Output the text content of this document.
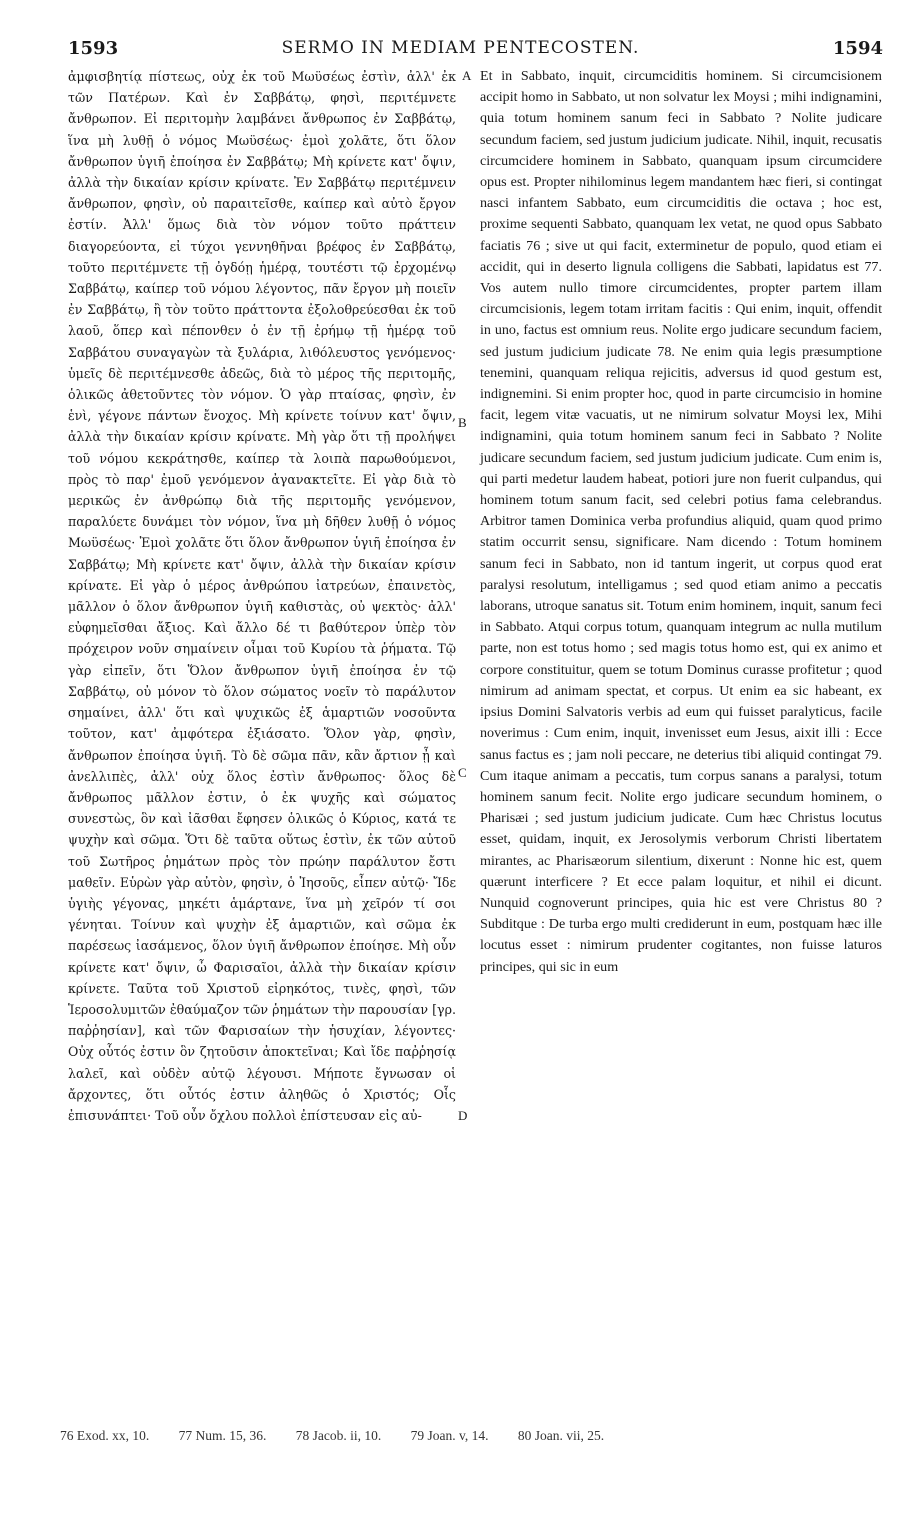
1593	SERMO IN MEDIAM PENTECOSTEN.	1594

ἀμφισβητίᾳ πίστεως, οὐχ ἐκ τοῦ Μωϋσέως ἐστὶν, ἀλλ' ἐκ τῶν Πατέρων. Καὶ ἐν Σαββάτῳ, φησὶ, περιτέμνετε ἄνθρωπον. Εἰ περιτομὴν λαμβάνει ἄνθρωπος ἐν Σαββάτῳ, ἵνα μὴ λυθῇ ὁ νόμος Μωϋσέως· ἐμοὶ χολᾶτε, ὅτι ὅλον ἄνθρωπον ὑγιῆ ἐποίησα ἐν Σαββάτῳ; Μὴ κρίνετε κατ' ὄψιν, ἀλλὰ τὴν δικαίαν κρίσιν κρίνατε. Ἐν Σαββάτῳ περιτέμνειν ἄνθρωπον, φησὶν, οὐ παραιτεῖσθε, καίπερ καὶ αὐτὸ ἔργον ἐστίν. Ἀλλ' ὅμως διὰ τὸν νόμον τοῦτο πράττειν διαγορεύοντα, εἰ τύχοι γεννηθῆναι βρέφος ἐν Σαββάτῳ, τοῦτο περιτέμνετε τῇ ὀγδόῃ ἡμέρᾳ, τουτέστι τῷ ἐρχομένῳ Σαββάτῳ, καίπερ τοῦ νόμου λέγοντος, πᾶν ἔργον μὴ ποιεῖν ἐν Σαββάτῳ, ἢ τὸν τοῦτο πράττοντα ἐξολοθρεύεσθαι ἐκ τοῦ λαοῦ, ὅπερ καὶ πέπονθεν ὁ ἐν τῇ ἐρήμῳ τῇ ἡμέρᾳ τοῦ Σαββάτου συναγαγὼν τὰ ξυλάρια, λιθόλευστος γενόμενος· ὑμεῖς δὲ περιτέμνεσθε ἀδεῶς, διὰ τὸ μέρος τῆς περιτομῆς, ὁλικῶς ἀθετοῦντες τὸν νόμον. Ὁ γὰρ πταίσας, φησὶν, ἐν ἑνὶ, γέγονε πάντων ἔνοχος. Μὴ κρίνετε τοίνυν κατ' ὄψιν, ἀλλὰ τὴν δικαίαν κρίσιν κρίνατε. Μὴ γὰρ ὅτι τῇ προλήψει τοῦ νόμου κεκράτησθε, καίπερ τὰ λοιπὰ παρωθούμενοι, πρὸς τὸ παρ' ἐμοῦ γενόμενον ἀγανακτεῖτε. Εἰ γὰρ διὰ τὸ μερικῶς ἐν ἀνθρώπῳ διὰ τῆς περιτομῆς γενόμενον, παραλύετε δυνάμει τὸν νόμον, ἵνα μὴ δῆθεν λυθῇ ὁ νόμος Μωϋσέως· Ἐμοὶ χολᾶτε ὅτι ὅλον ἄνθρωπον ὑγιῆ ἐποίησα ἐν Σαββάτῳ; Μὴ κρίνετε κατ' ὄψιν, ἀλλὰ τὴν δικαίαν κρίσιν κρίνατε. Εἰ γὰρ ὁ μέρος ἀνθρώπου ἰατρεύων, ἐπαινετὸς, μᾶλλον ὁ ὅλον ἄνθρωπον ὑγιῆ καθιστὰς, οὐ ψεκτὸς· ἀλλ' εὐφημεῖσθαι ἄξιος. Καὶ ἄλλο δέ τι βαθύτερον ὑπὲρ τὸν πρόχειρον νοῦν σημαίνειν οἶμαι τοῦ Κυρίου τὰ ῥήματα. Τῷ γὰρ εἰπεῖν, ὅτι Ὅλον ἄνθρωπον ὑγιῆ ἐποίησα ἐν τῷ Σαββάτῳ, οὐ μόνον τὸ ὅλον σώματος νοεῖν τὸ παράλυτον σημαίνει, ἀλλ' ὅτι καὶ ψυχικῶς ἐξ ἁμαρτιῶν νοσοῦντα τοῦτον, κατ' ἀμφότερα ἐξιάσατο. Ὅλον γὰρ, φησὶν, ἄνθρωπον ἐποίησα ὑγιῆ. Τὸ δὲ σῶμα πᾶν, κἂν ἄρτιον ᾖ καὶ ἀνελλιπὲς, ἀλλ' οὐχ ὅλος ἐστὶν ἄνθρωπος· ὅλος δὲ ἄνθρωπος μᾶλλον ἐστιν, ὁ ἐκ ψυχῆς καὶ σώματος συνεστὼς, ὃν καὶ ἰᾶσθαι ἔφησεν ὁλικῶς ὁ Κύριος, κατά τε ψυχὴν καὶ σῶμα. Ὅτι δὲ ταῦτα οὕτως ἐστὶν, ἐκ τῶν αὐτοῦ τοῦ Σωτῆρος ῥημάτων πρὸς τὸν πρώην παράλυτον ἔστι μαθεῖν. Εὑρὼν γὰρ αὐτὸν, φησὶν, ὁ Ἰησοῦς, εἶπεν αὐτῷ· Ἴδε ὑγιὴς γέγονας, μηκέτι ἁμάρτανε, ἵνα μὴ χεῖρόν τί σοι γένηται. Τοίνυν καὶ ψυχὴν ἐξ ἁμαρτιῶν, καὶ σῶμα ἐκ παρέσεως ἰασάμενος, ὅλον ὑγιῆ ἄνθρωπον ἐποίησε. Μὴ οὖν κρίνετε κατ' ὄψιν, ὦ Φαρισαῖοι, ἀλλὰ τὴν δικαίαν κρίσιν κρίνετε. Ταῦτα τοῦ Χριστοῦ εἰρηκότος, τινὲς, φησὶ, τῶν Ἱεροσολυμιτῶν ἐθαύμαζον τῶν ῥημάτων τὴν παρουσίαν [γρ. παῤῥησίαν], καὶ τῶν Φαρισαίων τὴν ἡσυχίαν, λέγοντες· Οὐχ οὗτός ἐστιν ὃν ζητοῦσιν ἀποκτεῖναι; Καὶ ἴδε παῤῥησίᾳ λαλεῖ, καὶ οὐδὲν αὐτῷ λέγουσι. Μήποτε ἔγνωσαν οἱ ἄρχοντες, ὅτι οὗτός ἐστιν ἀληθῶς ὁ Χριστός; Οἷς ἐπισυνάπτει· Τοῦ οὖν ὄχλου πολλοὶ ἐπίστευσαν εἰς αὐ-

A
B
C
D

Et in Sabbato, inquit, circumciditis hominem. Si circumcisionem accipit homo in Sabbato, ut non solvatur lex Moysi ; mihi indignamini, quia totum hominem sanum feci in Sabbato ? Nolite judicare secundum faciem, sed justum judicium judicate. Nihil, inquit, recusatis circumcidere hominem in Sabbato, quanquam ipsum circumcidere opus est. Propter nihilominus legem mandantem hæc fieri, si contingat nasci infantem Sabbato, eum circumciditis die octava ; hoc est, proxime sequenti Sabbato, quanquam lex vetat, ne quod opus Sabbato faciatis 76 ; sive ut qui facit, exterminetur de populo, quod etiam ei accidit, qui in deserto lignula colligens die Sabbati, lapidatus est 77. Vos autem nullo timore circumcidentes, propter partem illam circumcisionis, legem totam irritam facitis : Qui enim, inquit, offendit in uno, factus est omnium reus. Nolite ergo judicare secundum faciem, sed justum judicium judicate 78. Ne enim quia legis præsumptione tenemini, quanquam reliqua rejicitis, adversus id quod gestum est, indignemini. Si enim propter hoc, quod in parte circumcisio in homine facit, legem vitæ vacuatis, ut ne nimirum solvatur Moysi lex, Mihi indignamini, quia totum hominem sanum feci in Sabbato ? Nolite judicare secundum faciem, sed justum judicium judicate. Cum enim is, qui parti medetur laudem habeat, potiori jure non fuerit culpandus, qui hominem totum sanum facit, sed celebri potius fama celebrandus. Arbitror tamen Dominica verba profundius aliquid, quam quod primo statim occurrit sensu, significare. Nam dicendo : Totum hominem sanum feci in Sabbato, non id tantum ingerit, ut corpus quod erat paralysi resolutum, intelligamus ; sed quod etiam animo a peccatis laborans, utroque sanatus sit. Totum enim hominem, inquit, sanum feci in Sabbato. Atqui corpus totum, quanquam integrum ac nulla mutilum parte, non est totus homo ; sed magis totus homo est, qui ex animo et corpore constituitur, quem se totum Dominus curasse profitetur ; quod nimirum ad animam spectat, et corpus. Ut enim ea sic habeant, ex ipsius Domini Salvatoris verbis ad eum qui fuisset paralyticus, facile noverimus : Cum enim, inquit, invenisset eum Jesus, aixit illi : Ecce sanus factus es ; jam noli peccare, ne deterius tibi aliquid contingat 79. Cum itaque animam a peccatis, tum corpus sanans a paralysi, totum hominem sanum fecit. Nolite ergo judicare secundum hominem, o Pharisæi ; sed justum judicium judicate. Cum hæc Christus locutus esset, quidam, inquit, ex Jerosolymis verborum Christi libertatem mirantes, ac Pharisæorum silentium, dixerunt : Nonne hic est, quem quærunt interficere ? Et ecce palam loquitur, et nihil ei dicunt. Nunquid cognoverunt principes, quia hic est vere Christus 80 ? Subditque : De turba ergo multi crediderunt in eum, postquam hæc ille locutus esset : nimirum prudenter cogitantes, non fuisse laturos principes, qui sic in eum

76 Exod. xx, 10. 77 Num. 15, 36. 78 Jacob. ii, 10. 79 Joan. v, 14. 80 Joan. vii, 25.
